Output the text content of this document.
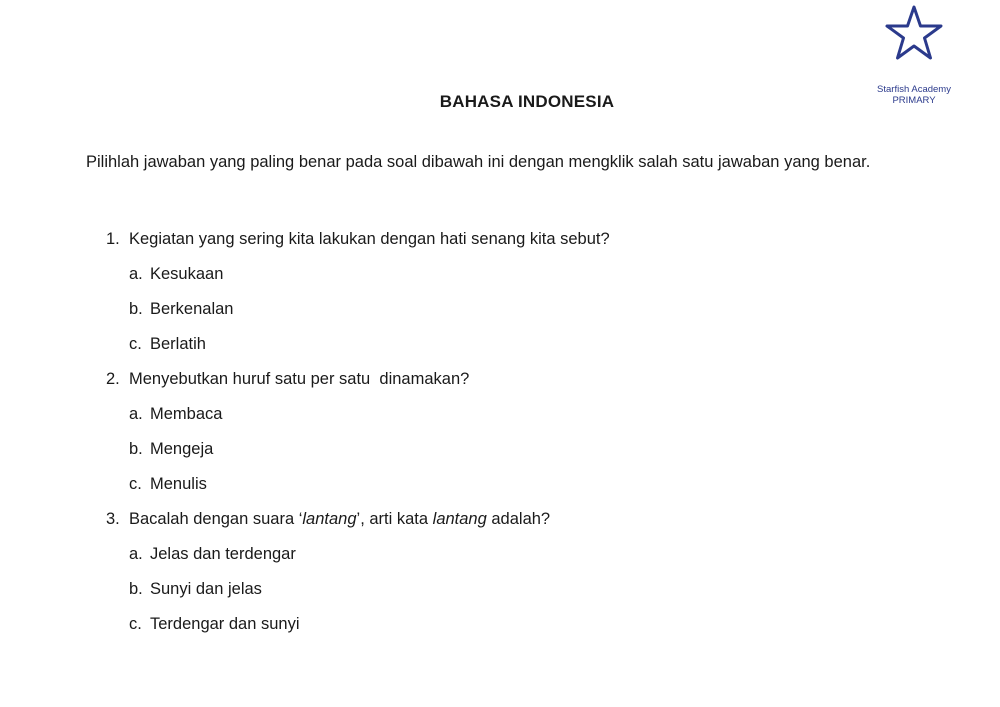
Starfish Academy
PRIMARY
BAHASA INDONESIA
Pilihlah jawaban yang paling benar pada soal dibawah ini dengan mengklik salah satu jawaban yang benar.
1. Kegiatan yang sering kita lakukan dengan hati senang kita sebut?
a. Kesukaan
b. Berkenalan
c. Berlatih
2. Menyebutkan huruf satu per satu  dinamakan?
a. Membaca
b. Mengeja
c. Menulis
3. Bacalah dengan suara ‘lantang’, arti kata lantang adalah?
a. Jelas dan terdengar
b. Sunyi dan jelas
c. Terdengar dan sunyi
